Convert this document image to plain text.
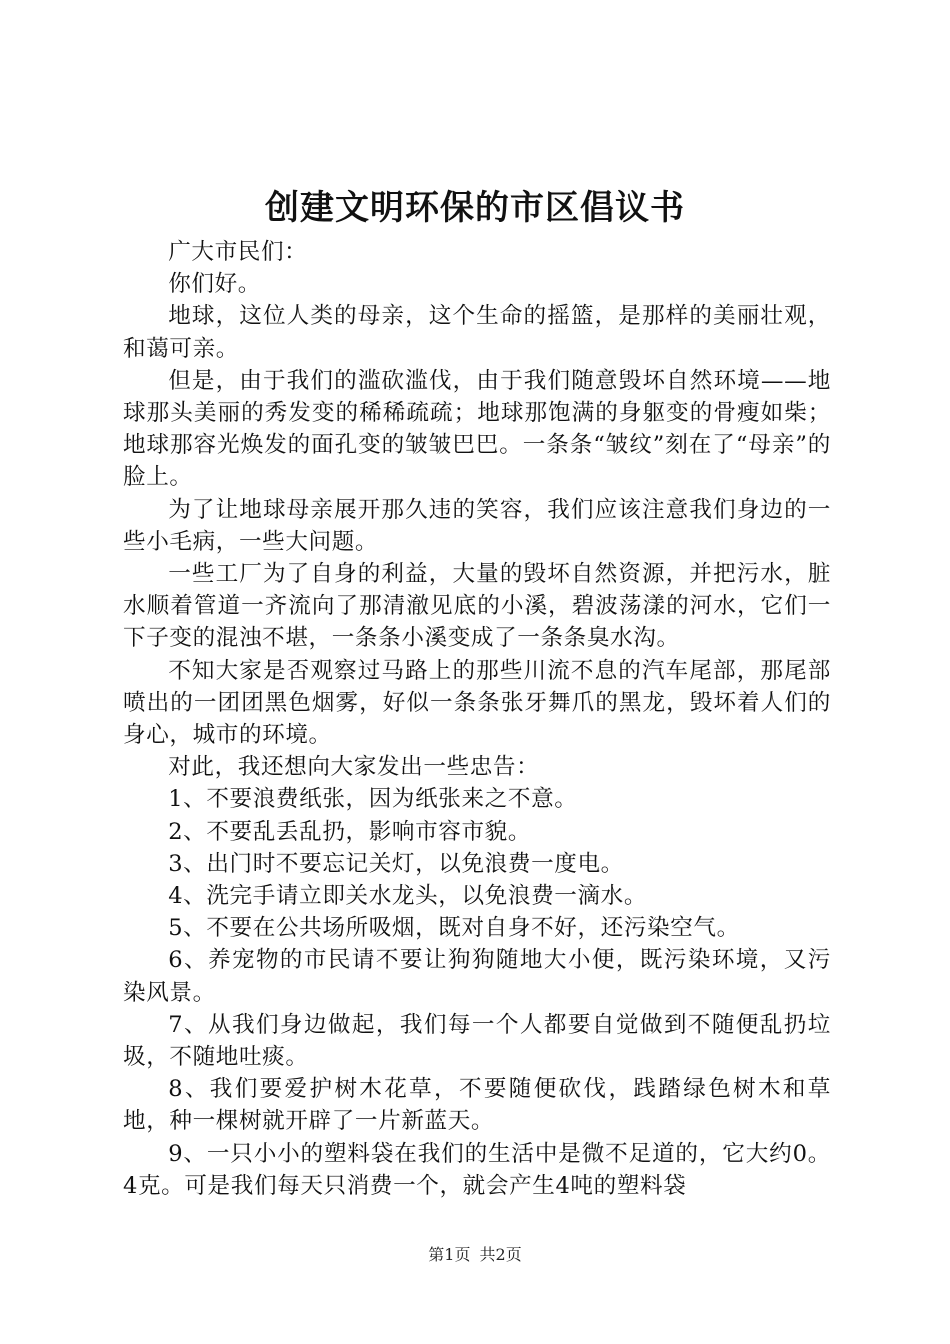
创建文明环保的市区倡议书

广大市民们：

你们好。

地球，这位人类的母亲，这个生命的摇篮，是那样的美丽壮观，和蔼可亲。

但是，由于我们的滥砍滥伐，由于我们随意毁坏自然环境——地球那头美丽的秀发变的稀稀疏疏；地球那饱满的身躯变的骨瘦如柴；地球那容光焕发的面孔变的皱皱巴巴。一条条“皱纹”刻在了“母亲”的脸上。

为了让地球母亲展开那久违的笑容，我们应该注意我们身边的一些小毛病，一些大问题。

一些工厂为了自身的利益，大量的毁坏自然资源，并把污水，脏水顺着管道一齐流向了那清澈见底的小溪，碧波荡漾的河水，它们一下子变的混浊不堪，一条条小溪变成了一条条臭水沟。

不知大家是否观察过马路上的那些川流不息的汽车尾部，那尾部喷出的一团团黑色烟雾，好似一条条张牙舞爪的黑龙，毁坏着人们的身心，城市的环境。

对此，我还想向大家发出一些忠告：

1、不要浪费纸张，因为纸张来之不意。

2、不要乱丢乱扔，影响市容市貌。

3、出门时不要忘记关灯，以免浪费一度电。

4、洗完手请立即关水龙头，以免浪费一滴水。

5、不要在公共场所吸烟，既对自身不好，还污染空气。

6、养宠物的市民请不要让狗狗随地大小便，既污染环境，又污染风景。

7、从我们身边做起，我们每一个人都要自觉做到不随便乱扔垃圾，不随地吐痰。

8、我们要爱护树木花草，不要随便砍伐，践踏绿色树木和草地，种一棵树就开辟了一片新蓝天。

9、一只小小的塑料袋在我们的生活中是微不足道的，它大约0。4克。可是我们每天只消费一个，就会产生4吨的塑料袋

第1页 共2页
